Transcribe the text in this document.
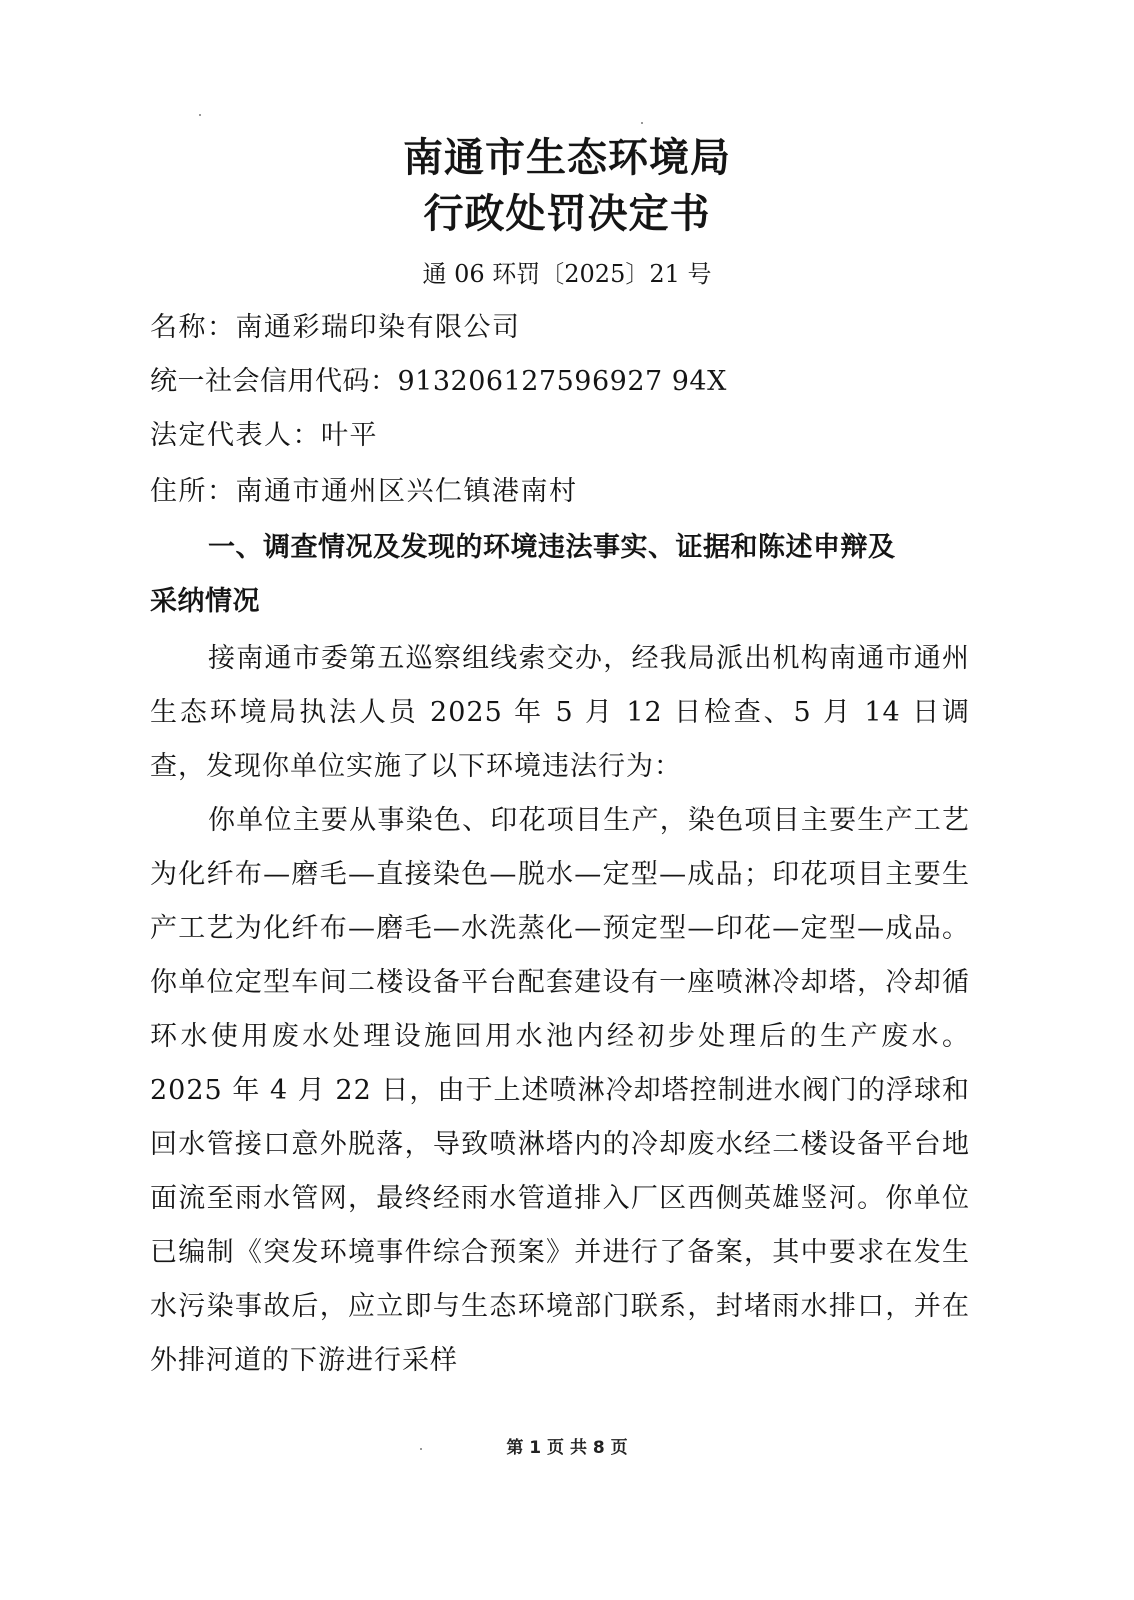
南通市生态环境局
行政处罚决定书
通 06 环罚〔2025〕21 号
名称：南通彩瑞印染有限公司
统一社会信用代码：913206127596927 94X
法定代表人：叶平
住所：南通市通州区兴仁镇港南村
一、调查情况及发现的环境违法事实、证据和陈述申辩及
采纳情况
接南通市委第五巡察组线索交办，经我局派出机构南通市通州生态环境局执法人员 2025 年 5 月 12 日检查、5 月 14 日调查，发现你单位实施了以下环境违法行为：
你单位主要从事染色、印花项目生产，染色项目主要生产工艺为化纤布—磨毛—直接染色—脱水—定型—成品；印花项目主要生产工艺为化纤布—磨毛—水洗蒸化—预定型—印花—定型—成品。你单位定型车间二楼设备平台配套建设有一座喷淋冷却塔，冷却循环水使用废水处理设施回用水池内经初步处理后的生产废水。2025 年 4 月 22 日，由于上述喷淋冷却塔控制进水阀门的浮球和回水管接口意外脱落，导致喷淋塔内的冷却废水经二楼设备平台地面流至雨水管网，最终经雨水管道排入厂区西侧英雄竖河。你单位已编制《突发环境事件综合预案》并进行了备案，其中要求在发生水污染事故后，应立即与生态环境部门联系，封堵雨水排口，并在外排河道的下游进行采样
第 1 页 共 8 页
